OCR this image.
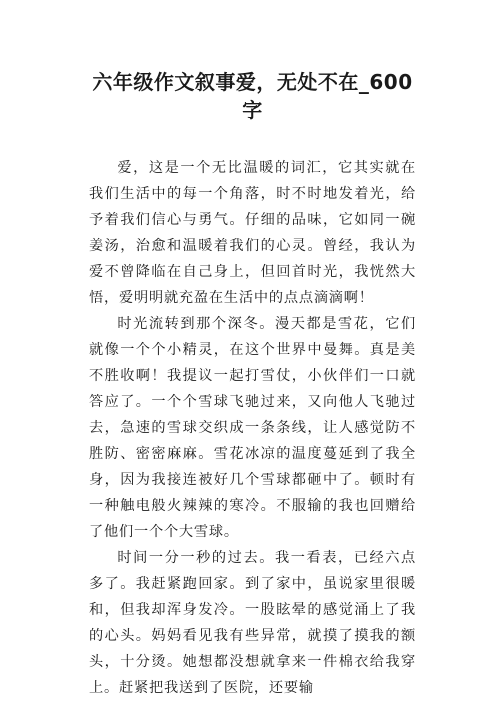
六年级作文叙事爱，无处不在_600字

爱，这是一个无比温暖的词汇，它其实就在我们生活中的每一个角落，时不时地发着光，给予着我们信心与勇气。仔细的品味，它如同一碗姜汤，治愈和温暖着我们的心灵。曾经，我认为爱不曾降临在自己身上，但回首时光，我恍然大悟，爱明明就充盈在生活中的点点滴滴啊！

时光流转到那个深冬。漫天都是雪花，它们就像一个个小精灵，在这个世界中曼舞。真是美不胜收啊！我提议一起打雪仗，小伙伴们一口就答应了。一个个雪球飞驰过来，又向他人飞驰过去，急速的雪球交织成一条条线，让人感觉防不胜防、密密麻麻。雪花冰凉的温度蔓延到了我全身，因为我接连被好几个雪球都砸中了。顿时有一种触电般火辣辣的寒冷。不服输的我也回赠给了他们一个个大雪球。

时间一分一秒的过去。我一看表，已经六点多了。我赶紧跑回家。到了家中，虽说家里很暖和，但我却浑身发冷。一股眩晕的感觉涌上了我的心头。妈妈看见我有些异常，就摸了摸我的额头，十分烫。她想都没想就拿来一件棉衣给我穿上。赶紧把我送到了医院，还要输
